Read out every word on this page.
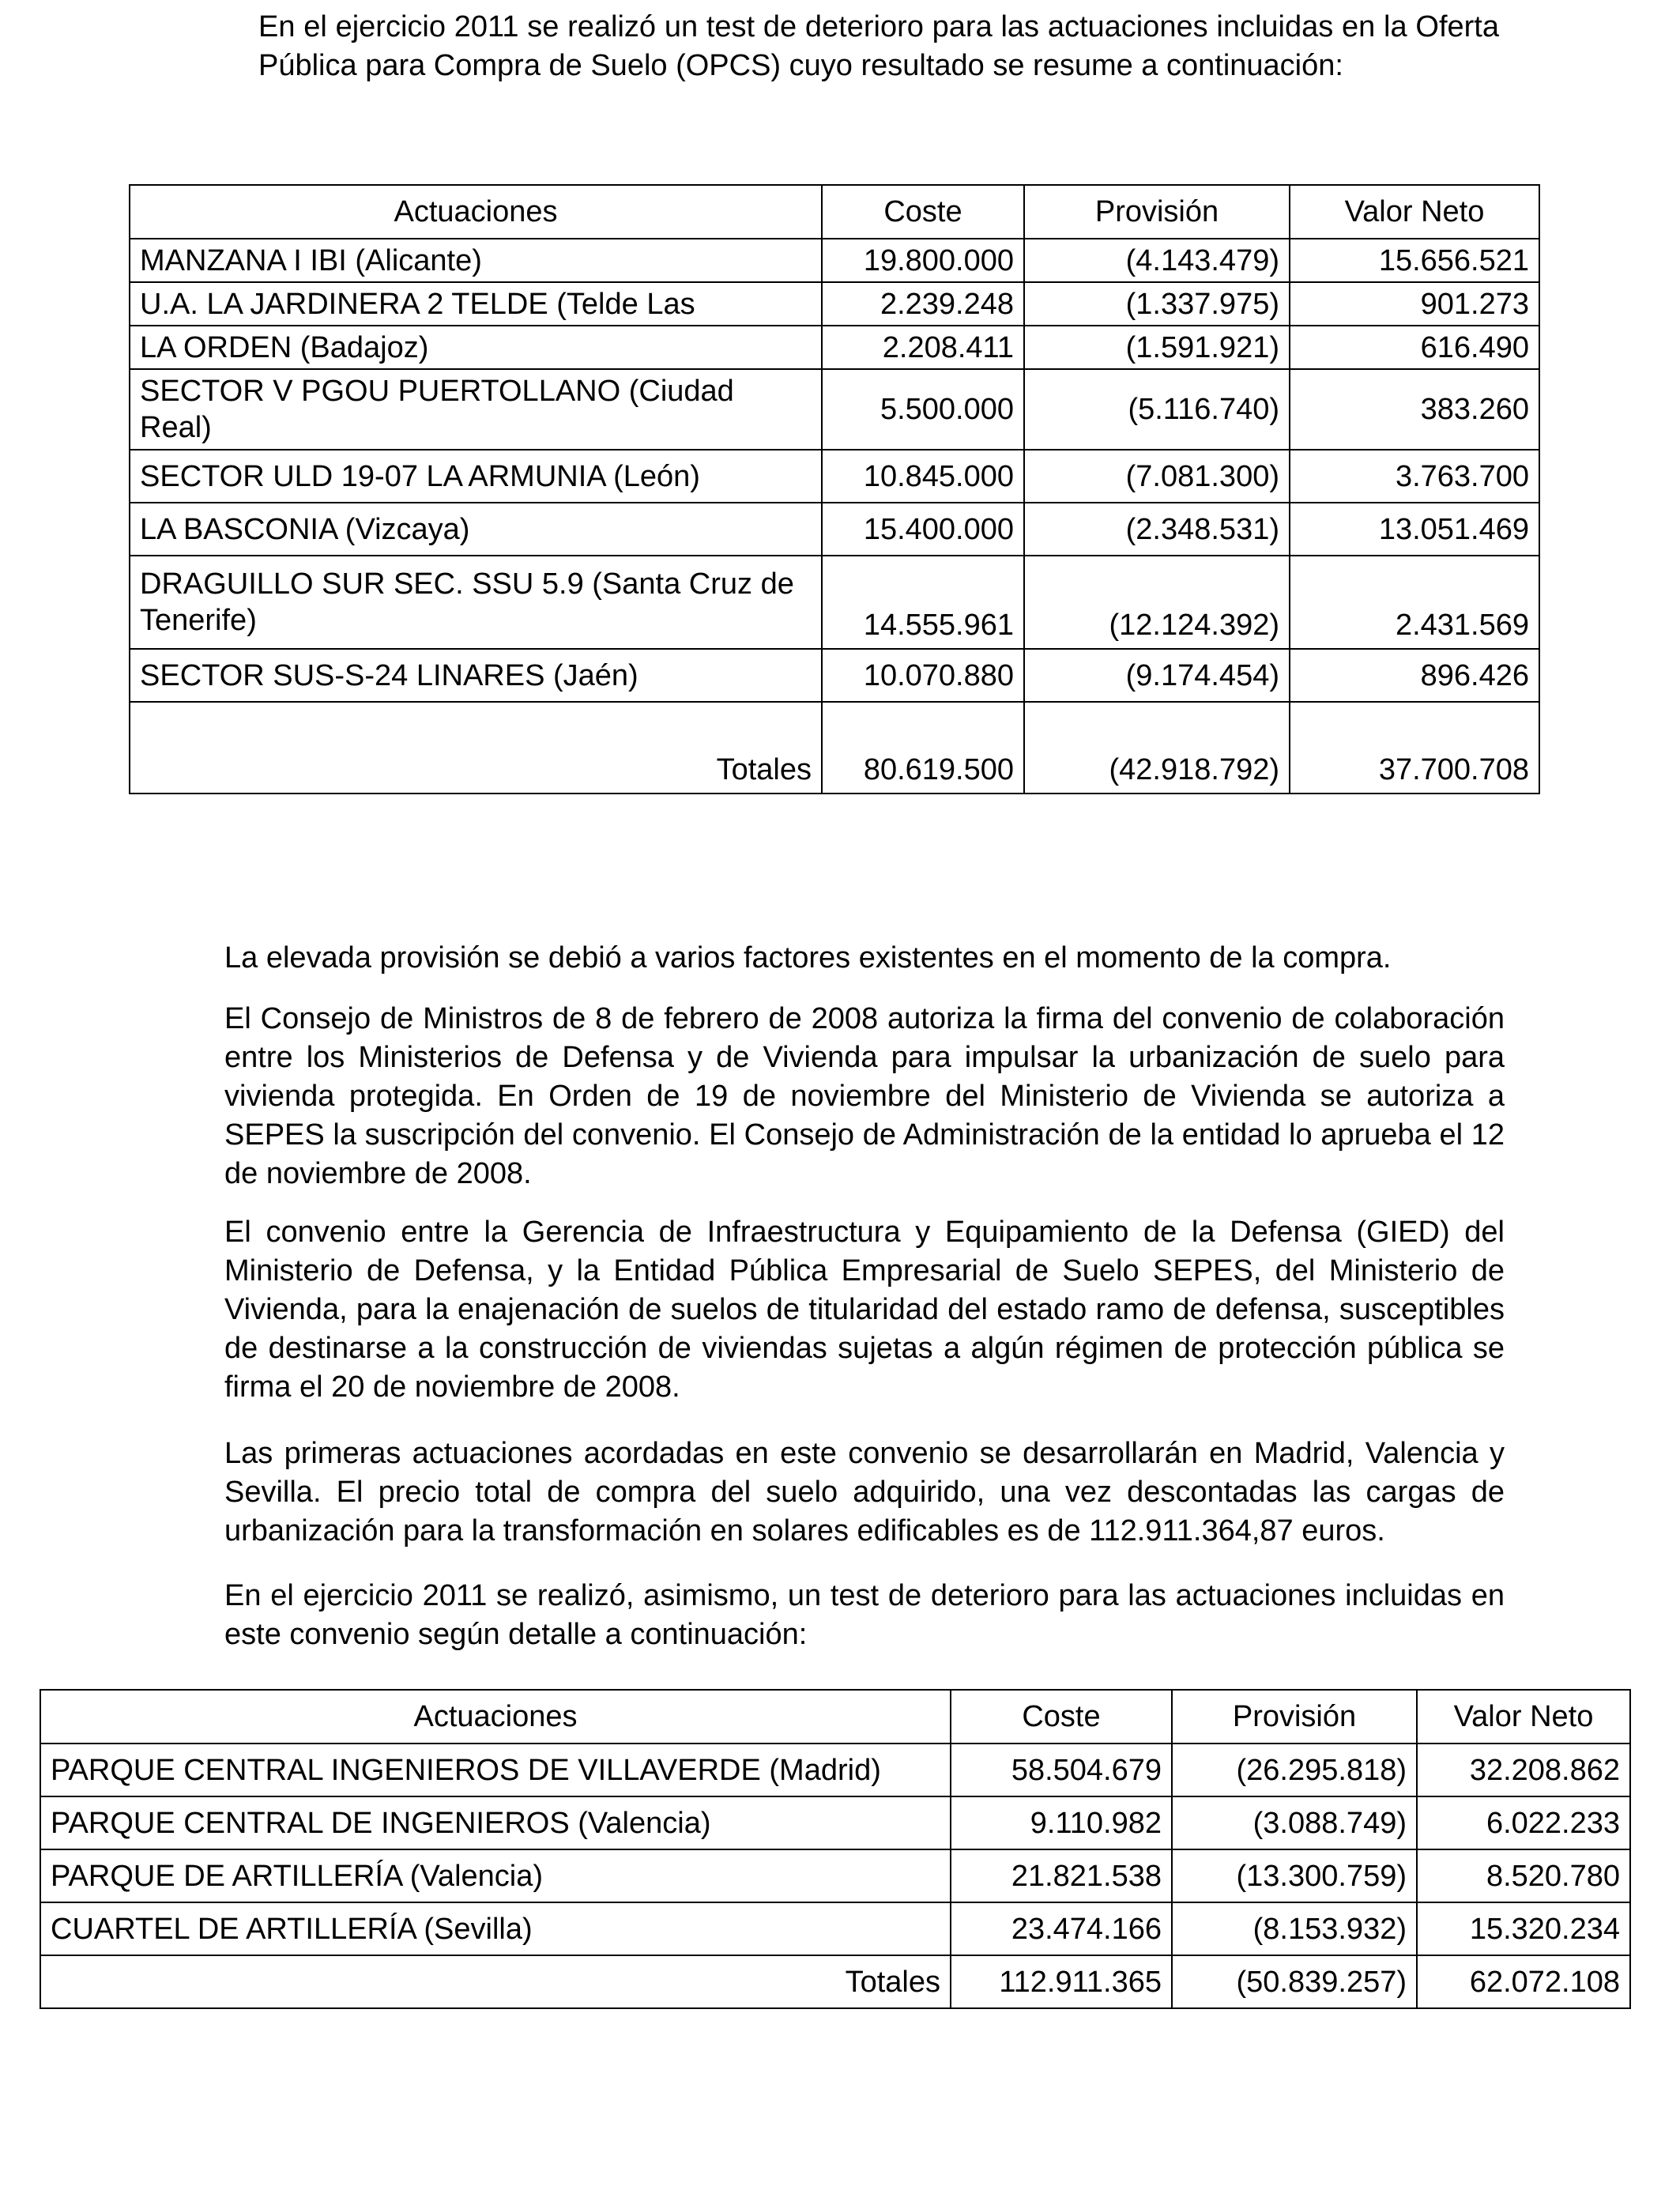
En el ejercicio 2011 se realizó un test de deterioro para las actuaciones incluidas en la Oferta Pública para Compra de Suelo (OPCS) cuyo resultado se resume a continuación:

Actuaciones	Coste	Provisión	Valor Neto
MANZANA I IBI (Alicante)	19.800.000	(4.143.479)	15.656.521
U.A. LA JARDINERA 2 TELDE (Telde Las	2.239.248	(1.337.975)	901.273
LA ORDEN (Badajoz)	2.208.411	(1.591.921)	616.490
SECTOR V PGOU PUERTOLLANO (Ciudad Real)	5.500.000	(5.116.740)	383.260
SECTOR ULD 19-07 LA ARMUNIA (León)	10.845.000	(7.081.300)	3.763.700
LA BASCONIA (Vizcaya)	15.400.000	(2.348.531)	13.051.469
DRAGUILLO SUR SEC. SSU 5.9 (Santa Cruz de Tenerife)	14.555.961	(12.124.392)	2.431.569
SECTOR SUS-S-24 LINARES (Jaén)	10.070.880	(9.174.454)	896.426
Totales	80.619.500	(42.918.792)	37.700.708

La elevada provisión se debió a varios factores existentes en el momento de la compra.

El Consejo de Ministros de 8 de febrero de 2008 autoriza la firma del convenio de colaboración entre los Ministerios de Defensa y de Vivienda para impulsar la urbanización de suelo para vivienda protegida. En Orden de 19 de noviembre del Ministerio de Vivienda se autoriza a SEPES la suscripción del convenio. El Consejo de Administración de la entidad lo aprueba el 12 de noviembre de 2008.

El convenio entre la Gerencia de Infraestructura y Equipamiento de la Defensa (GIED) del Ministerio de Defensa, y la Entidad Pública Empresarial de Suelo SEPES, del Ministerio de Vivienda, para la enajenación de suelos de titularidad del estado ramo de defensa, susceptibles de destinarse a la construcción de viviendas sujetas a algún régimen de protección pública se firma el 20 de noviembre de 2008.

Las primeras actuaciones acordadas en este convenio se desarrollarán en Madrid, Valencia y Sevilla. El precio total de compra del suelo adquirido, una vez descontadas las cargas de urbanización para la transformación en solares edificables es de 112.911.364,87 euros.

En el ejercicio 2011 se realizó, asimismo, un test de deterioro para las actuaciones incluidas en este convenio según detalle a continuación:

Actuaciones	Coste	Provisión	Valor Neto
PARQUE CENTRAL INGENIEROS DE VILLAVERDE (Madrid)	58.504.679	(26.295.818)	32.208.862
PARQUE CENTRAL DE INGENIEROS (Valencia)	9.110.982	(3.088.749)	6.022.233
PARQUE DE ARTILLERÍA (Valencia)	21.821.538	(13.300.759)	8.520.780
CUARTEL DE ARTILLERÍA (Sevilla)	23.474.166	(8.153.932)	15.320.234
Totales	112.911.365	(50.839.257)	62.072.108
